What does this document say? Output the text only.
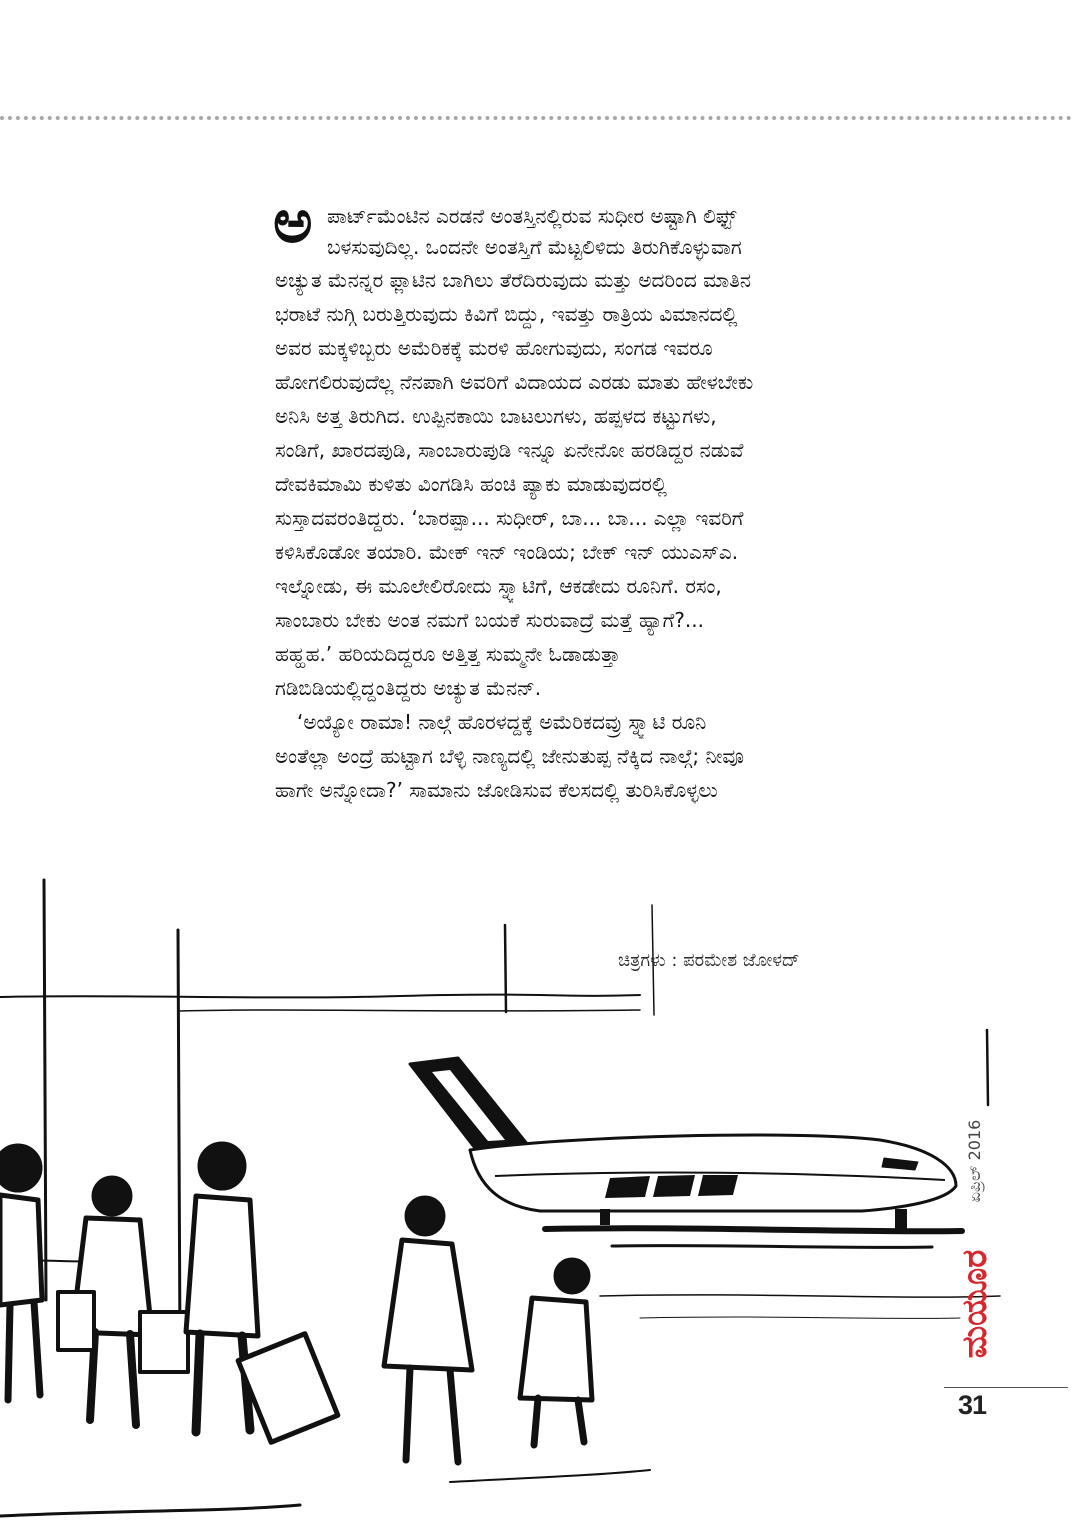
ಅ ಪಾರ್ಟ್‌ಮೆಂಟಿನ ಎರಡನೆ ಅಂತಸ್ತಿನಲ್ಲಿರುವ ಸುಧೀರ ಅಷ್ಟಾಗಿ ಲಿಫ್ಟ್
ಬಳಸುವುದಿಲ್ಲ. ಒಂದನೇ ಅಂತಸ್ತಿಗೆ ಮೆಟ್ಟಲಿಳಿದು ತಿರುಗಿಕೊಳ್ಳುವಾಗ
ಅಚ್ಯುತ ಮೆನನ್ನರ ಫ್ಲಾಟಿನ ಬಾಗಿಲು ತೆರೆದಿರುವುದು ಮತ್ತು ಅದರಿಂದ ಮಾತಿನ
ಭರಾಟೆ ನುಗ್ಗಿ ಬರುತ್ತಿರುವುದು ಕಿವಿಗೆ ಬಿದ್ದು, ಇವತ್ತು ರಾತ್ರಿಯ ವಿಮಾನದಲ್ಲಿ
ಅವರ ಮಕ್ಕಳಿಬ್ಬರು ಅಮೆರಿಕಕ್ಕೆ ಮರಳಿ ಹೋಗುವುದು, ಸಂಗಡ ಇವರೂ
ಹೋಗಲಿರುವುದೆಲ್ಲ ನೆನಪಾಗಿ ಅವರಿಗೆ ವಿದಾಯದ ಎರಡು ಮಾತು ಹೇಳಬೇಕು
ಅನಿಸಿ ಅತ್ತ ತಿರುಗಿದ. ಉಪ್ಪಿನಕಾಯಿ ಬಾಟಲುಗಳು, ಹಪ್ಪಳದ ಕಟ್ಟುಗಳು,
ಸಂಡಿಗೆ, ಖಾರದಪುಡಿ, ಸಾಂಬಾರುಪುಡಿ ಇನ್ನೂ ಏನೇನೋ ಹರಡಿದ್ದರ ನಡುವೆ
ದೇವಕಿಮಾಮಿ ಕುಳಿತು ವಿಂಗಡಿಸಿ ಹಂಚಿ ಪ್ಯಾಕು ಮಾಡುವುದರಲ್ಲಿ
ಸುಸ್ತಾದವರಂತಿದ್ದರು. ‘ಬಾರಪ್ಪಾ... ಸುಧೀರ್, ಬಾ... ಬಾ... ಎಲ್ಲಾ ಇವರಿಗೆ
ಕಳಿಸಿಕೊಡೋ ತಯಾರಿ. ಮೇಕ್ ಇನ್ ಇಂಡಿಯ; ಬೇಕ್ ಇನ್ ಯುಎಸ್‌ಎ.
ಇಲ್ನೋಡು, ಈ ಮೂಲೇಲಿರೋದು ಸ್ನ್ಯಾಟಿಗೆ, ಆಕಡೇದು ರೂನಿಗೆ. ರಸಂ,
ಸಾಂಬಾರು ಬೇಕು ಅಂತ ನಮಗೆ ಬಯಕೆ ಸುರುವಾದ್ರೆ ಮತ್ತೆ ಹ್ಯಾಗೆ?...
ಹಹ್ಹಹ.’ ಹರಿಯದಿದ್ದರೂ ಅತ್ತಿತ್ತ ಸುಮ್ಮನೇ ಓಡಾಡುತ್ತಾ
ಗಡಿಬಿಡಿಯಲ್ಲಿದ್ದಂತಿದ್ದರು ಅಚ್ಯುತ ಮೆನನ್.
‘ಅಯ್ಯೋ ರಾಮಾ! ನಾಲ್ಗೆ ಹೊರಳದ್ದಕ್ಕೆ ಅಮೆರಿಕದವ್ರು ಸ್ನ್ಯಾಟಿ ರೂನಿ
ಅಂತೆಲ್ಲಾ ಅಂದ್ರೆ ಹುಟ್ಟಾಗ ಬೆಳ್ಳಿ ನಾಣ್ಯದಲ್ಲಿ ಜೇನುತುಪ್ಪ ನೆಕ್ಕಿದ ನಾಲ್ಗೆ; ನೀವೂ
ಹಾಗೇ ಅನ್ನೋದಾ?’ ಸಾಮಾನು ಜೋಡಿಸುವ ಕೆಲಸದಲ್ಲಿ ತುರಿಸಿಕೊಳ್ಳಲು
ಚಿತ್ರಗಳು : ಪರಮೇಶ ಜೋಳದ್
ಏಪ್ರಿಲ್ 2016
ಮಯೂರ
31
